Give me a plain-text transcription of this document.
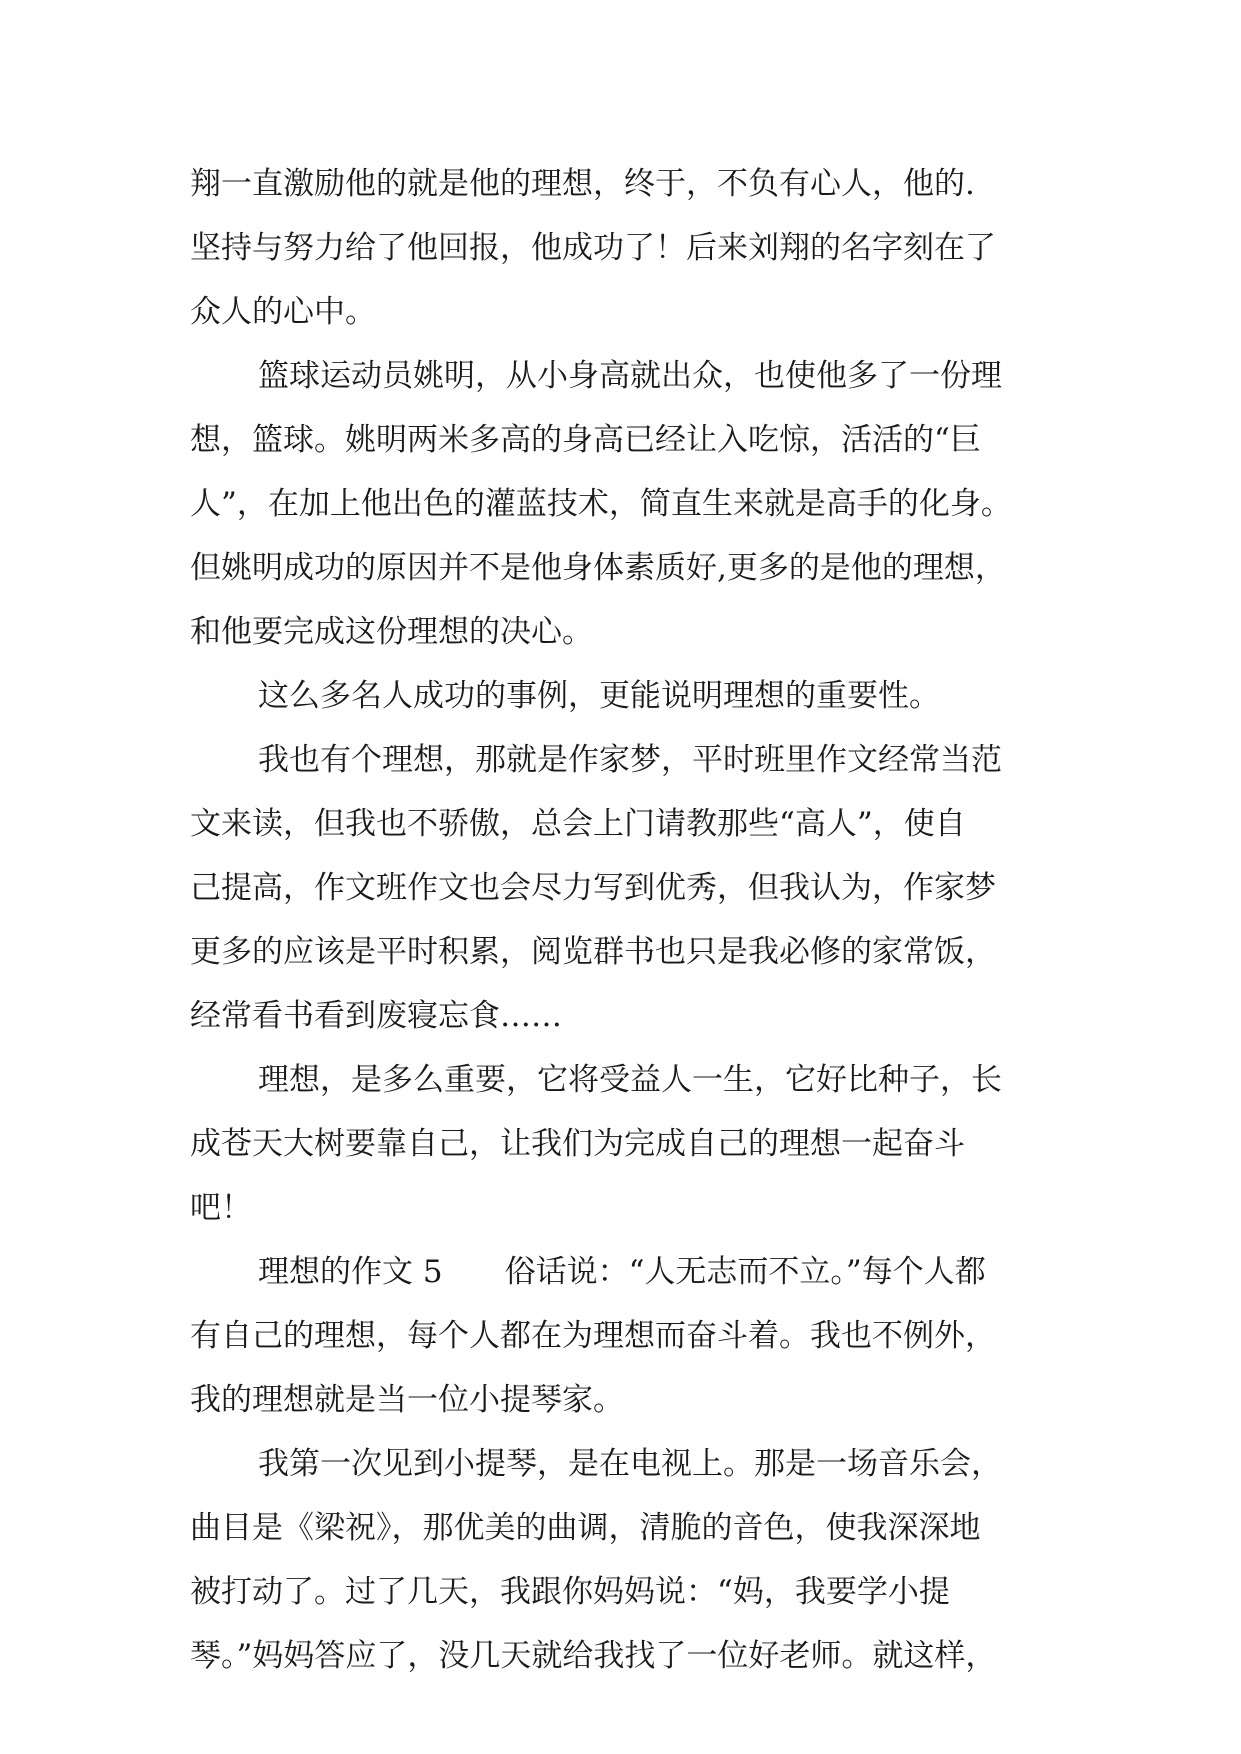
翔一直激励他的就是他的理想，终于，不负有心人，他的.
坚持与努力给了他回报，他成功了！后来刘翔的名字刻在了
众人的心中。
篮球运动员姚明，从小身高就出众，也使他多了一份理
想，篮球。姚明两米多高的身高已经让入吃惊，活活的“巨
人”，在加上他出色的灌蓝技术，简直生来就是高手的化身。
但姚明成功的原因并不是他身体素质好,更多的是他的理想，
和他要完成这份理想的决心。
这么多名人成功的事例，更能说明理想的重要性。
我也有个理想，那就是作家梦，平时班里作文经常当范
文来读，但我也不骄傲，总会上门请教那些“高人”，使自
己提高，作文班作文也会尽力写到优秀，但我认为，作家梦
更多的应该是平时积累，阅览群书也只是我必修的家常饭，
经常看书看到废寝忘食……
理想，是多么重要，它将受益人一生，它好比种子，长
成苍天大树要靠自己，让我们为完成自己的理想一起奋斗
吧！
理想的作文 5　　俗话说：“人无志而不立。”每个人都
有自己的理想，每个人都在为理想而奋斗着。我也不例外，
我的理想就是当一位小提琴家。
我第一次见到小提琴，是在电视上。那是一场音乐会，
曲目是《梁祝》，那优美的曲调，清脆的音色，使我深深地
被打动了。过了几天，我跟你妈妈说：“妈，我要学小提
琴。”妈妈答应了，没几天就给我找了一位好老师。就这样，
